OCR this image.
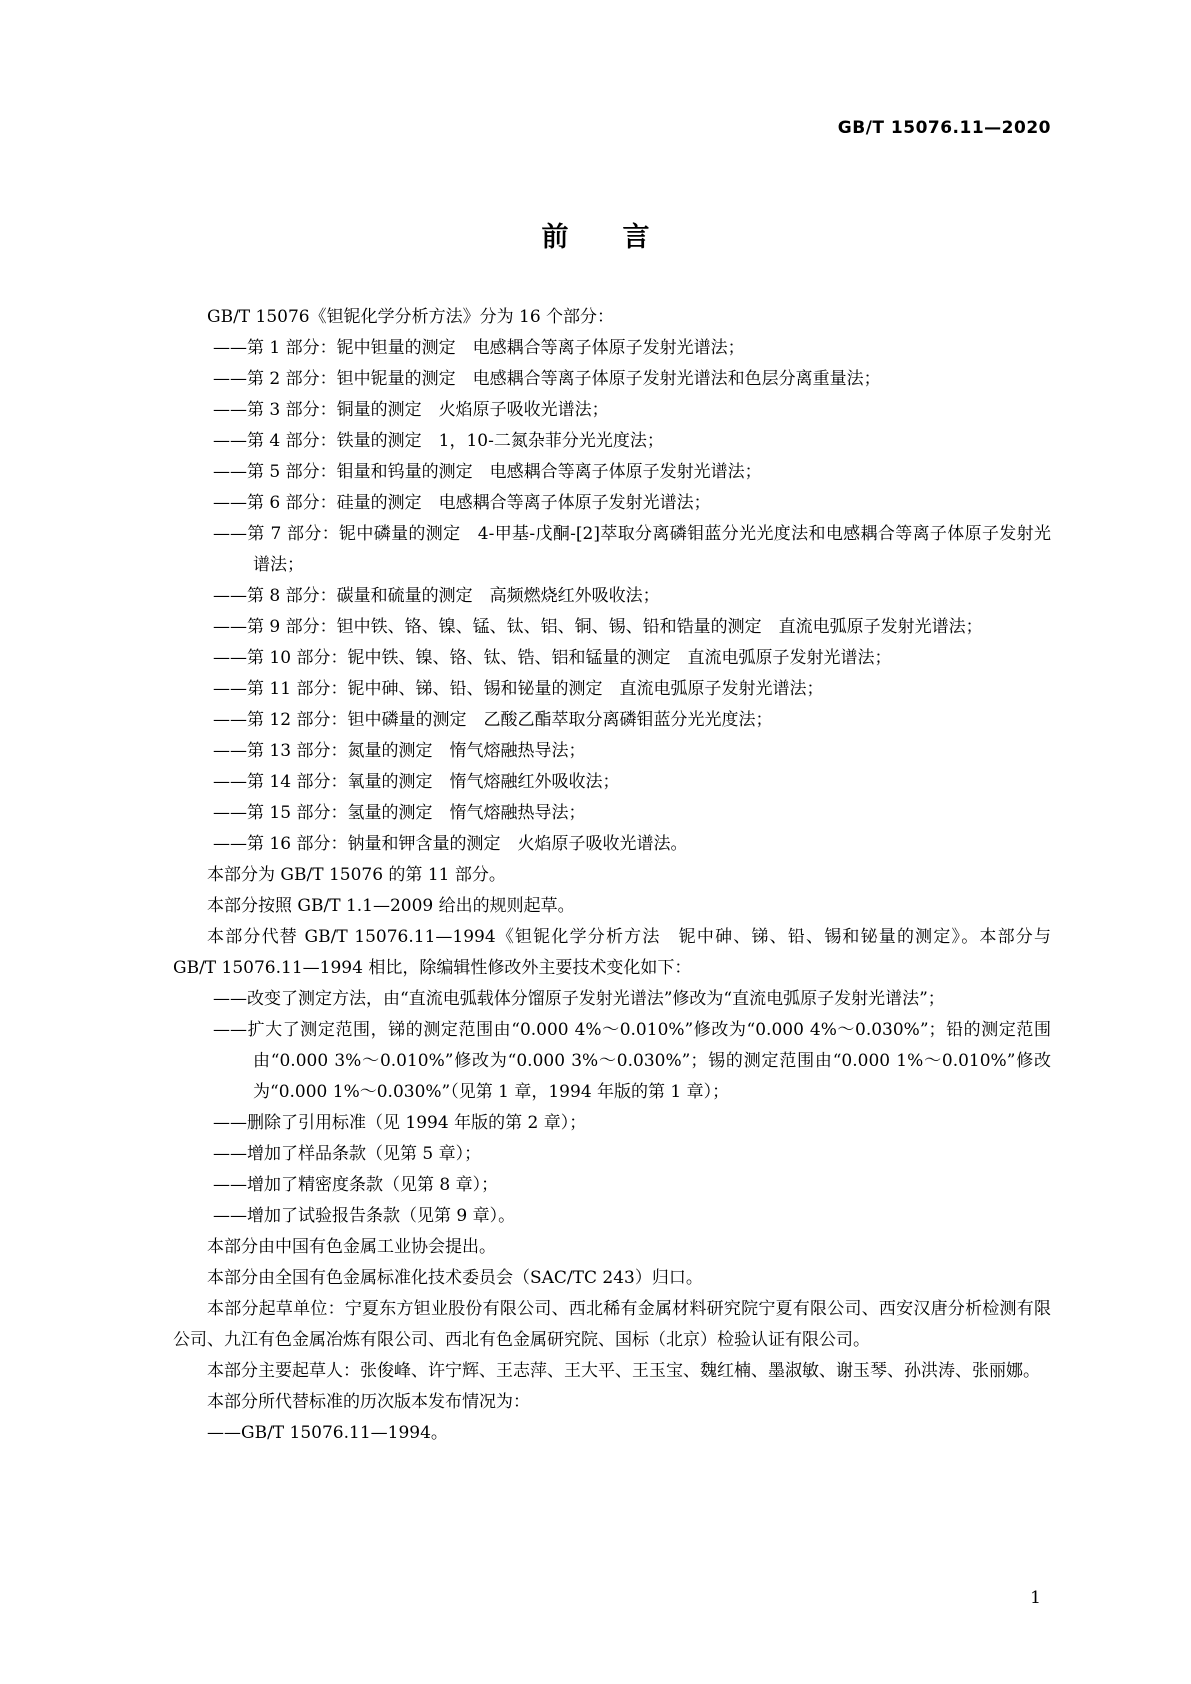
GB/T 15076.11—2020
前　　言

GB/T 15076《钽铌化学分析方法》分为 16 个部分：

——第 1 部分：铌中钽量的测定　电感耦合等离子体原子发射光谱法；

——第 2 部分：钽中铌量的测定　电感耦合等离子体原子发射光谱法和色层分离重量法；

——第 3 部分：铜量的测定　火焰原子吸收光谱法；

——第 4 部分：铁量的测定　1，10-二氮杂菲分光光度法；

——第 5 部分：钼量和钨量的测定　电感耦合等离子体原子发射光谱法；

——第 6 部分：硅量的测定　电感耦合等离子体原子发射光谱法；

——第 7 部分：铌中磷量的测定　4-甲基-戊酮-[2]萃取分离磷钼蓝分光光度法和电感耦合等离子体原子发射光谱法；

——第 8 部分：碳量和硫量的测定　高频燃烧红外吸收法；

——第 9 部分：钽中铁、铬、镍、锰、钛、铝、铜、锡、铅和锆量的测定　直流电弧原子发射光谱法；

——第 10 部分：铌中铁、镍、铬、钛、锆、铝和锰量的测定　直流电弧原子发射光谱法；

——第 11 部分：铌中砷、锑、铅、锡和铋量的测定　直流电弧原子发射光谱法；

——第 12 部分：钽中磷量的测定　乙酸乙酯萃取分离磷钼蓝分光光度法；

——第 13 部分：氮量的测定　惰气熔融热导法；

——第 14 部分：氧量的测定　惰气熔融红外吸收法；

——第 15 部分：氢量的测定　惰气熔融热导法；

——第 16 部分：钠量和钾含量的测定　火焰原子吸收光谱法。

本部分为 GB/T 15076 的第 11 部分。

本部分按照 GB/T 1.1—2009 给出的规则起草。

本部分代替 GB/T 15076.11—1994《钽铌化学分析方法　铌中砷、锑、铅、锡和铋量的测定》。本部分与 GB/T 15076.11—1994 相比，除编辑性修改外主要技术变化如下：

——改变了测定方法，由“直流电弧载体分馏原子发射光谱法”修改为“直流电弧原子发射光谱法”；

——扩大了测定范围，锑的测定范围由“0.000 4%～0.010%”修改为“0.000 4%～0.030%”；铅的测定范围由“0.000 3%～0.010%”修改为“0.000 3%～0.030%”；锡的测定范围由“0.000 1%～0.010%”修改为“0.000 1%～0.030%”（见第 1 章，1994 年版的第 1 章）；

——删除了引用标准（见 1994 年版的第 2 章）；

——增加了样品条款（见第 5 章）；

——增加了精密度条款（见第 8 章）；

——增加了试验报告条款（见第 9 章）。

本部分由中国有色金属工业协会提出。

本部分由全国有色金属标准化技术委员会（SAC/TC 243）归口。

本部分起草单位：宁夏东方钽业股份有限公司、西北稀有金属材料研究院宁夏有限公司、西安汉唐分析检测有限公司、九江有色金属冶炼有限公司、西北有色金属研究院、国标（北京）检验认证有限公司。

本部分主要起草人：张俊峰、许宁辉、王志萍、王大平、王玉宝、魏红楠、墨淑敏、谢玉琴、孙洪涛、张丽娜。

本部分所代替标准的历次版本发布情况为：

——GB/T 15076.11—1994。

1
